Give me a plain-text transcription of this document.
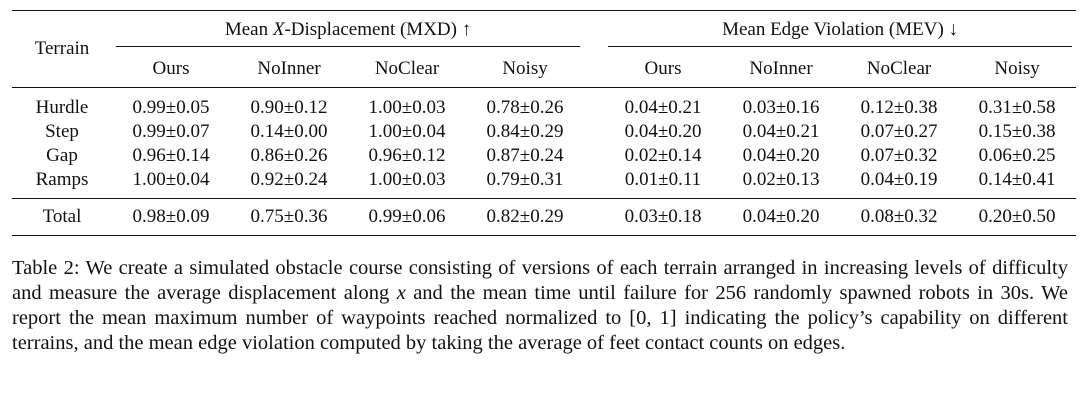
Terrain	Mean X-Displacement (MXD) ↑					Mean Edge Violation (MEV) ↓			

	Ours	NoInner	NoClear	Noisy		Ours	NoInner	NoClear	Noisy
Hurdle	0.99±0.05	0.90±0.12	1.00±0.03	0.78±0.26		0.04±0.21	0.03±0.16	0.12±0.38	0.31±0.58
Step	0.99±0.07	0.14±0.00	1.00±0.04	0.84±0.29		0.04±0.20	0.04±0.21	0.07±0.27	0.15±0.38
Gap	0.96±0.14	0.86±0.26	0.96±0.12	0.87±0.24		0.02±0.14	0.04±0.20	0.07±0.32	0.06±0.25
Ramps	1.00±0.04	0.92±0.24	1.00±0.03	0.79±0.31		0.01±0.11	0.02±0.13	0.04±0.19	0.14±0.41
Total	0.98±0.09	0.75±0.36	0.99±0.06	0.82±0.29		0.03±0.18	0.04±0.20	0.08±0.32	0.20±0.50
Table 2: We create a simulated obstacle course consisting of versions of each terrain arranged in increasing levels of difficulty and measure the average displacement along x and the mean time until failure for 256 randomly spawned robots in 30s. We report the mean maximum number of waypoints reached normalized to [0, 1] indicating the policy’s capability on different terrains, and the mean edge violation computed by taking the average of feet contact counts on edges.
